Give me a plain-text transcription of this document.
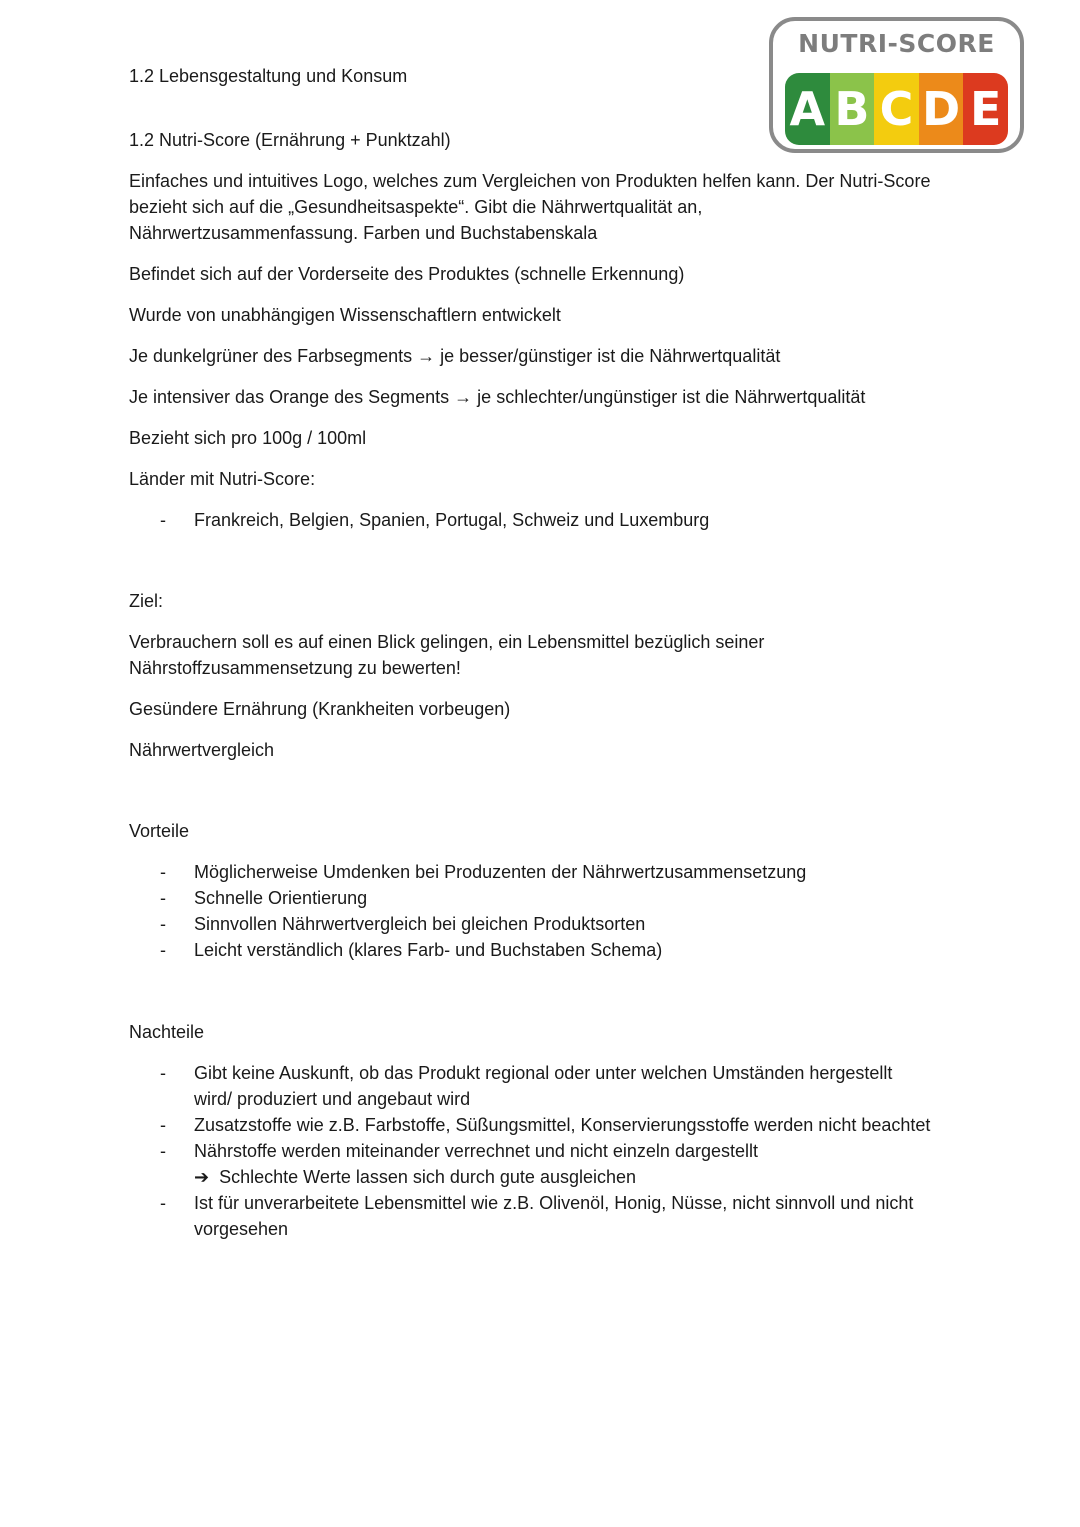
NUTRI-SCORE
A B C D E
1.2 Lebensgestaltung und Konsum
1.2 Nutri-Score (Ernährung + Punktzahl)
Einfaches und intuitives Logo, welches zum Vergleichen von Produkten helfen kann. Der Nutri-Score
bezieht sich auf die „Gesundheitsaspekte“. Gibt die Nährwertqualität an,
Nährwertzusammenfassung. Farben und Buchstabenskala
Befindet sich auf der Vorderseite des Produktes (schnelle Erkennung)
Wurde von unabhängigen Wissenschaftlern entwickelt
Je dunkelgrüner des Farbsegments → je besser/günstiger ist die Nährwertqualität
Je intensiver das Orange des Segments → je schlechter/ungünstiger ist die Nährwertqualität
Bezieht sich pro 100g / 100ml
Länder mit Nutri-Score:
- Frankreich, Belgien, Spanien, Portugal, Schweiz und Luxemburg
Ziel:
Verbrauchern soll es auf einen Blick gelingen, ein Lebensmittel bezüglich seiner
Nährstoffzusammensetzung zu bewerten!
Gesündere Ernährung (Krankheiten vorbeugen)
Nährwertvergleich
Vorteile
- Möglicherweise Umdenken bei Produzenten der Nährwertzusammensetzung
- Schnelle Orientierung
- Sinnvollen Nährwertvergleich bei gleichen Produktsorten
- Leicht verständlich (klares Farb- und Buchstaben Schema)
Nachteile
- Gibt keine Auskunft, ob das Produkt regional oder unter welchen Umständen hergestellt
wird/ produziert und angebaut wird
- Zusatzstoffe wie z.B. Farbstoffe, Süßungsmittel, Konservierungsstoffe werden nicht beachtet
- Nährstoffe werden miteinander verrechnet und nicht einzeln dargestellt
➔ Schlechte Werte lassen sich durch gute ausgleichen
- Ist für unverarbeitete Lebensmittel wie z.B. Olivenöl, Honig, Nüsse, nicht sinnvoll und nicht
vorgesehen
